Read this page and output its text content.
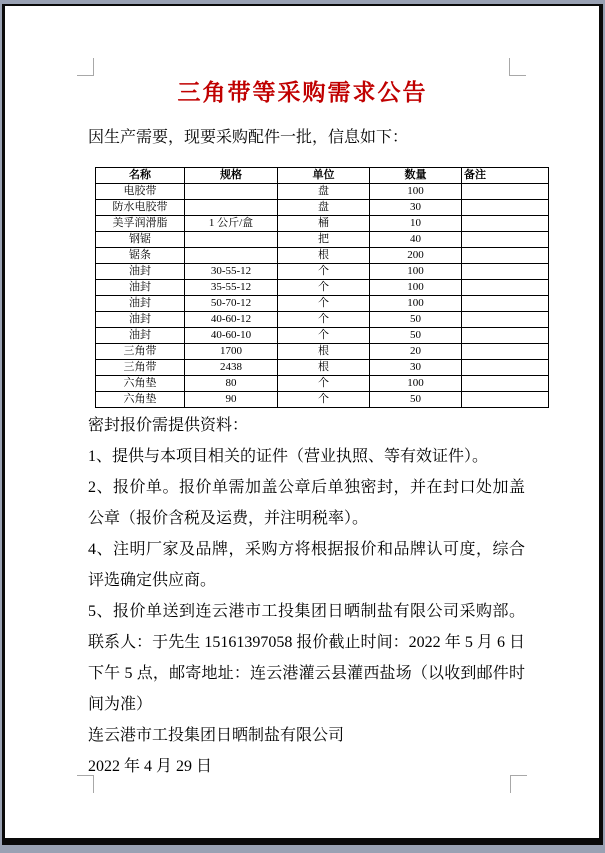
三角带等采购需求公告
因生产需要，现要采购配件一批，信息如下：
名称	规格	单位	数量	备注
电胶带		盘	100	
防水电胶带		盘	30	
美孚润滑脂	1 公斤/盒	桶	10	
钢锯		把	40	
锯条		根	200	
油封	30-55-12	个	100	
油封	35-55-12	个	100	
油封	50-70-12	个	100	
油封	40-60-12	个	50	
油封	40-60-10	个	50	
三角带	1700	根	20	
三角带	2438	根	30	
六角垫	80	个	100	
六角垫	90	个	50	

密封报价需提供资料：

1、提供与本项目相关的证件（营业执照、等有效证件）。

2、报价单。报价单需加盖公章后单独密封，并在封口处加盖公章（报价含税及运费，并注明税率）。

4、注明厂家及品牌，采购方将根据报价和品牌认可度，综合评选确定供应商。

5、报价单送到连云港市工投集团日晒制盐有限公司采购部。联系人：于先生 15161397058 报价截止时间：2022 年 5 月 6 日下午 5 点，邮寄地址：连云港灌云县灌西盐场（以收到邮件时间为准）

连云港市工投集团日晒制盐有限公司

2022 年 4 月 29 日
